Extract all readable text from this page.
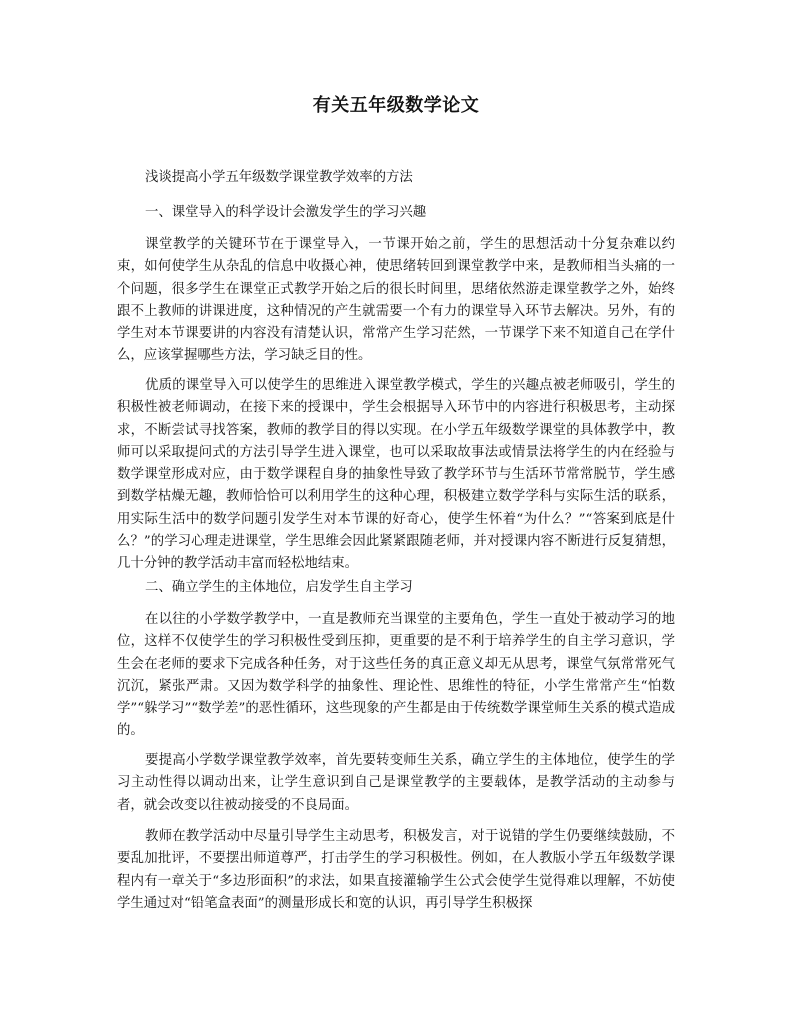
有关五年级数学论文
浅谈提高小学五年级数学课堂教学效率的方法
一、课堂导入的科学设计会激发学生的学习兴趣

课堂教学的关键环节在于课堂导入，一节课开始之前，学生的思想活动十分复杂难以约束，如何使学生从杂乱的信息中收摄心神，使思绪转回到课堂教学中来，是教师相当头痛的一个问题，很多学生在课堂正式教学开始之后的很长时间里，思绪依然游走课堂教学之外，始终跟不上教师的讲课进度，这种情况的产生就需要一个有力的课堂导入环节去解决。另外，有的学生对本节课要讲的内容没有清楚认识，常常产生学习茫然，一节课学下来不知道自己在学什么，应该掌握哪些方法，学习缺乏目的性。

优质的课堂导入可以使学生的思维进入课堂教学模式，学生的兴趣点被老师吸引，学生的积极性被老师调动，在接下来的授课中，学生会根据导入环节中的内容进行积极思考，主动探求，不断尝试寻找答案，教师的教学目的得以实现。在小学五年级数学课堂的具体教学中，教师可以采取提问式的方法引导学生进入课堂，也可以采取故事法或情景法将学生的内在经验与数学课堂形成对应，由于数学课程自身的抽象性导致了教学环节与生活环节常常脱节，学生感到数学枯燥无趣，教师恰恰可以利用学生的这种心理，积极建立数学学科与实际生活的联系，用实际生活中的数学问题引发学生对本节课的好奇心，使学生怀着“为什么？”“答案到底是什么？”的学习心理走进课堂，学生思维会因此紧紧跟随老师，并对授课内容不断进行反复猜想，几十分钟的教学活动丰富而轻松地结束。

二、确立学生的主体地位，启发学生自主学习

在以往的小学数学教学中，一直是教师充当课堂的主要角色，学生一直处于被动学习的地位，这样不仅使学生的学习积极性受到压抑，更重要的是不利于培养学生的自主学习意识，学生会在老师的要求下完成各种任务，对于这些任务的真正意义却无从思考，课堂气氛常常死气沉沉，紧张严肃。又因为数学科学的抽象性、理论性、思维性的特征，小学生常常产生“怕数学”“躲学习”“数学差”的恶性循环，这些现象的产生都是由于传统数学课堂师生关系的模式造成的。

要提高小学数学课堂教学效率，首先要转变师生关系，确立学生的主体地位，使学生的学习主动性得以调动出来，让学生意识到自己是课堂教学的主要载体，是教学活动的主动参与者，就会改变以往被动接受的不良局面。

教师在教学活动中尽量引导学生主动思考，积极发言，对于说错的学生仍要继续鼓励，不要乱加批评，不要摆出师道尊严，打击学生的学习积极性。例如，在人教版小学五年级数学课程内有一章关于“多边形面积”的求法，如果直接灌输学生公式会使学生觉得难以理解，不妨使学生通过对“铅笔盒表面”的测量形成长和宽的认识，再引导学生积极探
